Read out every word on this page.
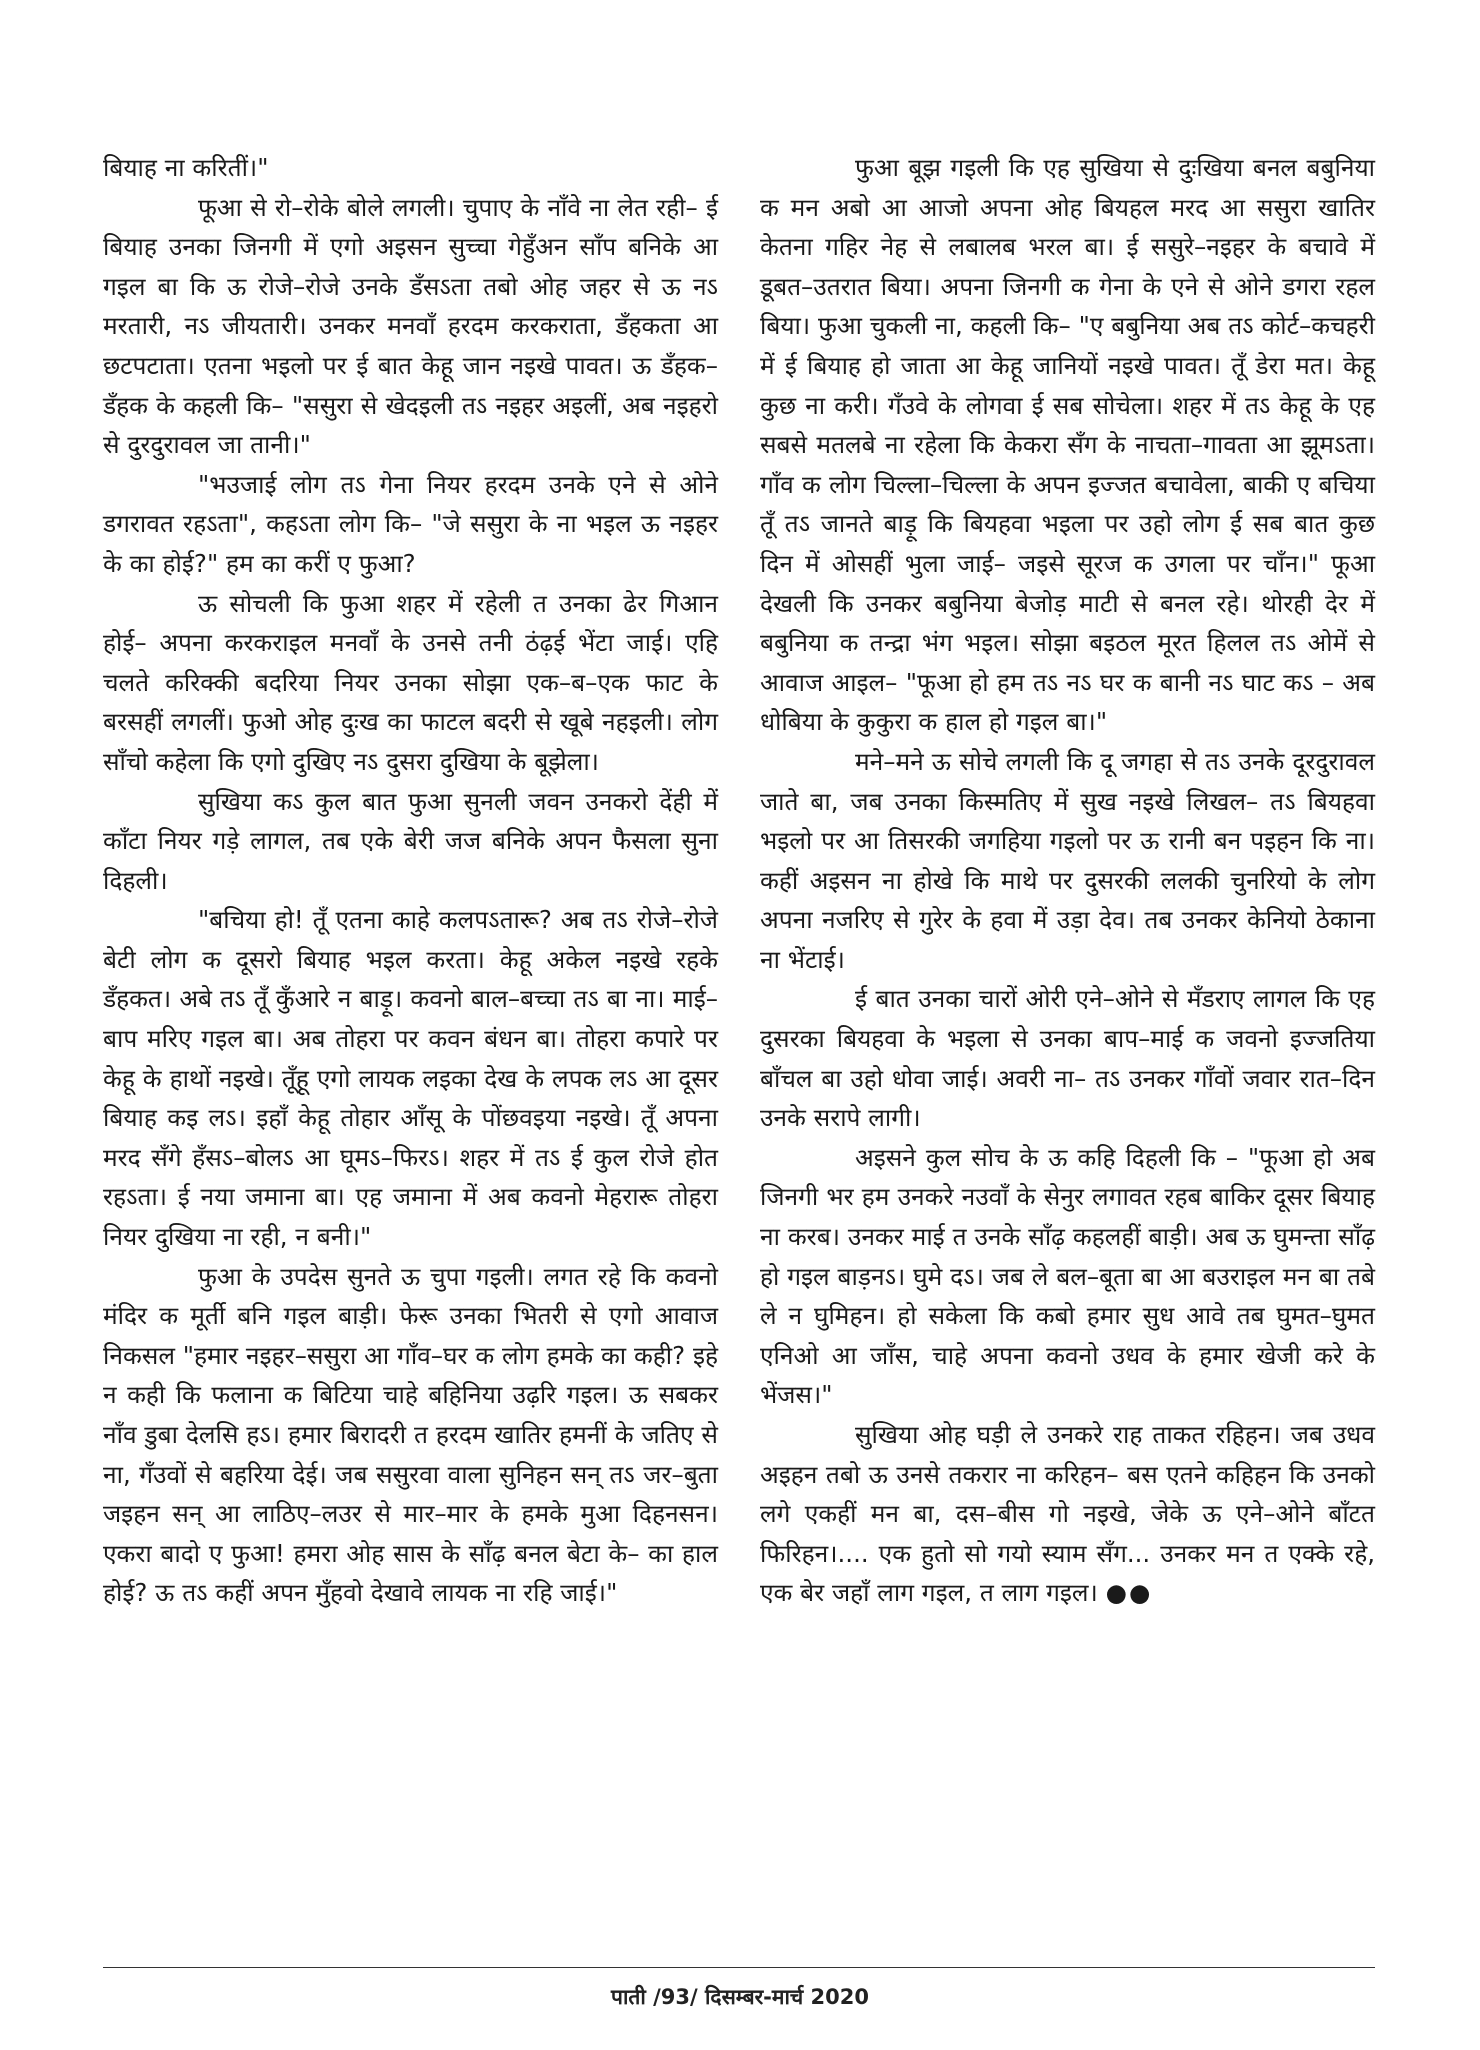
बियाह ना करितीं।"

फूआ से रो–रोके बोले लगली। चुपाए के नाँवे ना लेत रही– ई बियाह उनका जिनगी में एगो अइसन सुच्चा गेहुँअन साँप बनिके आ गइल बा कि ऊ रोजे–रोजे उनके डँसऽता तबो ओह जहर से ऊ नऽ मरतारी, नऽ जीयतारी। उनकर मनवाँ हरदम करकराता, डँहकता आ छटपटाता। एतना भइलो पर ई बात केहू जान नइखे पावत। ऊ डँहक–डँहक के कहली कि– "ससुरा से खेदइली तऽ नइहर अइलीं, अब नइहरो से दुरदुरावल जा तानी।"

"भउजाई लोग तऽ गेना नियर हरदम उनके एने से ओने डगरावत रहऽता", कहऽता लोग कि– "जे ससुरा के ना भइल ऊ नइहर के का होई?" हम का करीं ए फुआ?

ऊ सोचली कि फुआ शहर में रहेली त उनका ढेर गिआन होई– अपना करकराइल मनवाँ के उनसे तनी ठंढ़ई भेंटा जाई। एहि चलते करिक्की बदरिया नियर उनका सोझा एक–ब–एक फाट के बरसहीं लगलीं। फुओ ओह दुःख का फाटल बदरी से खूबे नहइली। लोग साँचो कहेला कि एगो दुखिए नऽ दुसरा दुखिया के बूझेला।

सुखिया कऽ कुल बात फुआ सुनली जवन उनकरो देंही में काँटा नियर गड़े लागल, तब एके बेरी जज बनिके अपन फैसला सुना दिहली।

"बचिया हो! तूँ एतना काहे कलपऽतारू? अब तऽ रोजे–रोजे बेटी लोग क दूसरो बियाह भइल करता। केहू अकेल नइखे रहके डँहकत। अबे तऽ तूँ कुँआरे न बाड़ू। कवनो बाल–बच्चा तऽ बा ना। माई–बाप मरिए गइल बा। अब तोहरा पर कवन बंधन बा। तोहरा कपारे पर केहू के हाथों नइखे। तूँहू एगो लायक लइका देख के लपक लऽ आ दूसर बियाह कइ लऽ। इहाँ केहू तोहार आँसू के पोंछवइया नइखे। तूँ अपना मरद सँगे हँसऽ–बोलऽ आ घूमऽ–फिरऽ। शहर में तऽ ई कुल रोजे होत रहऽता। ई नया जमाना बा। एह जमाना में अब कवनो मेहरारू तोहरा नियर दुखिया ना रही, न बनी।"

फुआ के उपदेस सुनते ऊ चुपा गइली। लगत रहे कि कवनो मंदिर क मूर्ती बनि गइल बाड़ी। फेरू उनका भितरी से एगो आवाज निकसल "हमार नइहर–ससुरा आ गाँव–घर क लोग हमके का कही? इहे न कही कि फलाना क बिटिया चाहे बहिनिया उढ़रि गइल। ऊ सबकर नाँव डुबा देलसि हऽ। हमार बिरादरी त हरदम खातिर हमनीं के जतिए से ना, गँउवों से बहरिया देई। जब ससुरवा वाला सुनिहन सन् तऽ जर–बुता जइहन सन् आ लाठिए–लउर से मार–मार के हमके मुआ दिहनसन। एकरा बादो ए फुआ! हमरा ओह सास के साँढ़ बनल बेटा के– का हाल होई? ऊ तऽ कहीं अपन मुँहवो देखावे लायक ना रहि जाई।"

फुआ बूझ गइली कि एह सुखिया से दुःखिया बनल बबुनिया क मन अबो आ आजो अपना ओह बियहल मरद आ ससुरा खातिर केतना गहिर नेह से लबालब भरल बा। ई ससुरे–नइहर के बचावे में डूबत–उतरात बिया। अपना जिनगी क गेना के एने से ओने डगरा रहल बिया। फुआ चुकली ना, कहली कि– "ए बबुनिया अब तऽ कोर्ट–कचहरी में ई बियाह हो जाता आ केहू जानियों नइखे पावत। तूँ डेरा मत। केहू कुछ ना करी। गँउवे के लोगवा ई सब सोचेला। शहर में तऽ केहू के एह सबसे मतलबे ना रहेला कि केकरा सँग के नाचता–गावता आ झूमऽता। गाँव क लोग चिल्ला–चिल्ला के अपन इज्जत बचावेला, बाकी ए बचिया तूँ तऽ जानते बाड़ू कि बियहवा भइला पर उहो लोग ई सब बात कुछ दिन में ओसहीं भुला जाई– जइसे सूरज क उगला पर चाँन।" फूआ देखली कि उनकर बबुनिया बेजोड़ माटी से बनल रहे। थोरही देर में बबुनिया क तन्द्रा भंग भइल। सोझा बइठल मूरत हिलल तऽ ओमें से आवाज आइल– "फूआ हो हम तऽ नऽ घर क बानी नऽ घाट कऽ – अब धोबिया के कुकुरा क हाल हो गइल बा।"

मने–मने ऊ सोचे लगली कि दू जगहा से तऽ उनके दूरदुरावल जाते बा, जब उनका किस्मतिए में सुख नइखे लिखल– तऽ बियहवा भइलो पर आ तिसरकी जगहिया गइलो पर ऊ रानी बन पइहन कि ना। कहीं अइसन ना होखे कि माथे पर दुसरकी ललकी चुनरियो के लोग अपना नजरिए से गुरेर के हवा में उड़ा देव। तब उनकर केनियो ठेकाना ना भेंटाई।

ई बात उनका चारों ओरी एने–ओने से मँडराए लागल कि एह दुसरका बियहवा के भइला से उनका बाप–माई क जवनो इज्जतिया बाँचल बा उहो धोवा जाई। अवरी ना– तऽ उनकर गाँवों जवार रात–दिन उनके सरापे लागी।

अइसने कुल सोच के ऊ कहि दिहली कि – "फूआ हो अब जिनगी भर हम उनकरे नउवाँ के सेनुर लगावत रहब बाकिर दूसर बियाह ना करब। उनकर माई त उनके साँढ़ कहलहीं बाड़ी। अब ऊ घुमन्ता साँढ़ हो गइल बाड़नऽ। घुमे दऽ। जब ले बल–बूता बा आ बउराइल मन बा तबे ले न घुमिहन। हो सकेला कि कबो हमार सुध आवे तब घुमत–घुमत एनिओ आ जाँस, चाहे अपना कवनो उधव के हमार खेजी करे के भेंजस।"

सुखिया ओह घड़ी ले उनकरे राह ताकत रहिहन। जब उधव अइहन तबो ऊ उनसे तकरार ना करिहन– बस एतने कहिहन कि उनको लगे एकहीं मन बा, दस–बीस गो नइखे, जेके ऊ एने–ओने बाँटत फिरिहन।.... एक हुतो सो गयो स्याम सँग... उनकर मन त एक्के रहे, एक बेर जहाँ लाग गइल, त लाग गइल। ●●

पाती /93/ दिसम्बर-मार्च 2020
